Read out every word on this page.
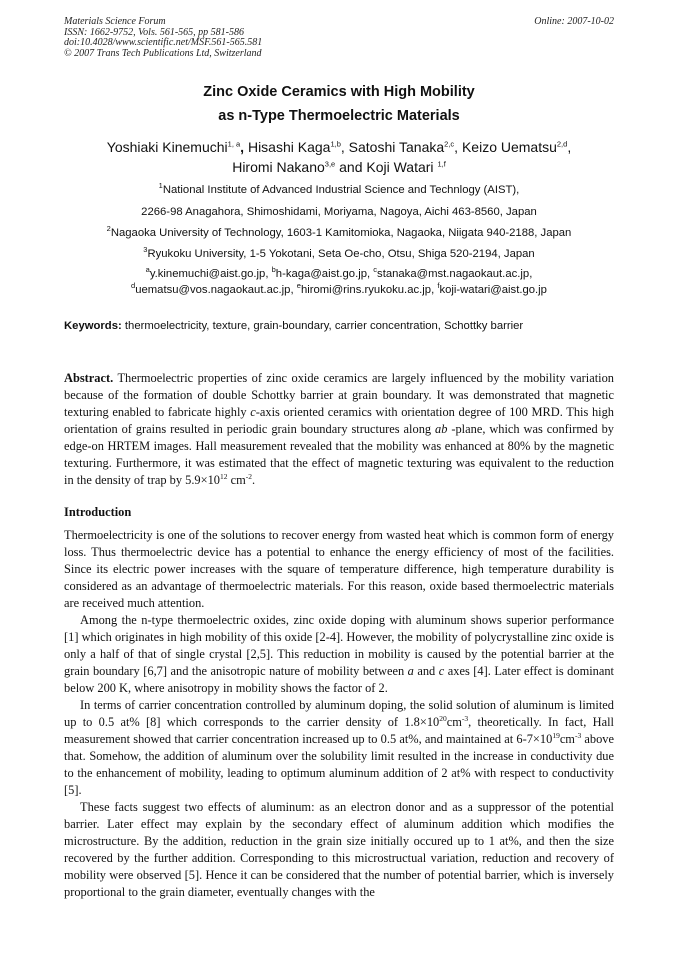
Materials Science Forum
ISSN: 1662-9752, Vols. 561-565, pp 581-586
doi:10.4028/www.scientific.net/MSF.561-565.581
© 2007 Trans Tech Publications Ltd, Switzerland
Online: 2007-10-02
Zinc Oxide Ceramics with High Mobility
as n-Type Thermoelectric Materials
Yoshiaki Kinemuchi$^{1, a}$, Hisashi Kaga$^{1,b}$, Satoshi Tanaka$^{2,c}$, Keizo Uematsu$^{2,d}$,
Hiromi Nakano$^{3,e}$ and Koji Watari $^{1,f}$
$^1$National Institute of Advanced Industrial Science and Technlogy (AIST),
2266-98 Anagahora, Shimoshidami, Moriyama, Nagoya, Aichi 463-8560, Japan
$^2$Nagaoka University of Technology, 1603-1 Kamitomioka, Nagaoka, Niigata 940-2188, Japan
$^3$Ryukoku University, 1-5 Yokotani, Seta Oe-cho, Otsu, Shiga 520-2194, Japan
$^a$y.kinemuchi@aist.go.jp, $^b$h-kaga@aist.go.jp, $^c$stanaka@mst.nagaokaut.ac.jp,
$^d$uematsu@vos.nagaokaut.ac.jp, $^e$hiromi@rins.ryukoku.ac.jp, $^f$koji-watari@aist.go.jp
Keywords: thermoelectricity, texture, grain-boundary, carrier concentration, Schottky barrier

Abstract. Thermoelectric properties of zinc oxide ceramics are largely influenced by the mobility variation because of the formation of double Schottky barrier at grain boundary. It was demonstrated that magnetic texturing enabled to fabricate highly c-axis oriented ceramics with orientation degree of 100 MRD. This high orientation of grains resulted in periodic grain boundary structures along ab -plane, which was confirmed by edge-on HRTEM images. Hall measurement revealed that the mobility was enhanced at 80% by the magnetic texturing. Furthermore, it was estimated that the effect of magnetic texturing was equivalent to the reduction in the density of trap by $5.9\times 10^{12}$ $cm^{-2}$.

Introduction

Thermoelectricity is one of the solutions to recover energy from wasted heat which is common form of energy loss. Thus thermoelectric device has a potential to enhance the energy efficiency of most of the facilities. Since its electric power increases with the square of temperature difference, high temperature durability is considered as an advantage of thermoelectric materials. For this reason, oxide based thermoelectric materials are received much attention.

Among the n-type thermoelectric oxides, zinc oxide doping with aluminum shows superior performance [1] which originates in high mobility of this oxide [2-4]. However, the mobility of polycrystalline zinc oxide is only a half of that of single crystal [2,5]. This reduction in mobility is caused by the potential barrier at the grain boundary [6,7] and the anisotropic nature of mobility between a and c axes [4]. Later effect is dominant below 200 K, where anisotropy in mobility shows the factor of 2.

In terms of carrier concentration controlled by aluminum doping, the solid solution of aluminum is limited up to 0.5 at% [8] which corresponds to the carrier density of $1.8\times 10^{20}cm^{-3}$, theoretically. In fact, Hall measurement showed that carrier concentration increased up to 0.5 at%, and maintained at $6-7\times 10^{19}cm^{-3}$ above that. Somehow, the addition of aluminum over the solubility limit resulted in the increase in conductivity due to the enhancement of mobility, leading to optimum aluminum addition of 2 at% with respect to conductivity [5].

These facts suggest two effects of aluminum: as an electron donor and as a suppressor of the potential barrier. Later effect may explain by the secondary effect of aluminum addition which modifies the microstructure. By the addition, reduction in the grain size initially occured up to 1 at%, and then the size recovered by the further addition. Corresponding to this microstructual variation, reduction and recovery of mobility were observed [5]. Hence it can be considered that the number of potential barrier, which is inversely proportional to the grain diameter, eventually changes with the
